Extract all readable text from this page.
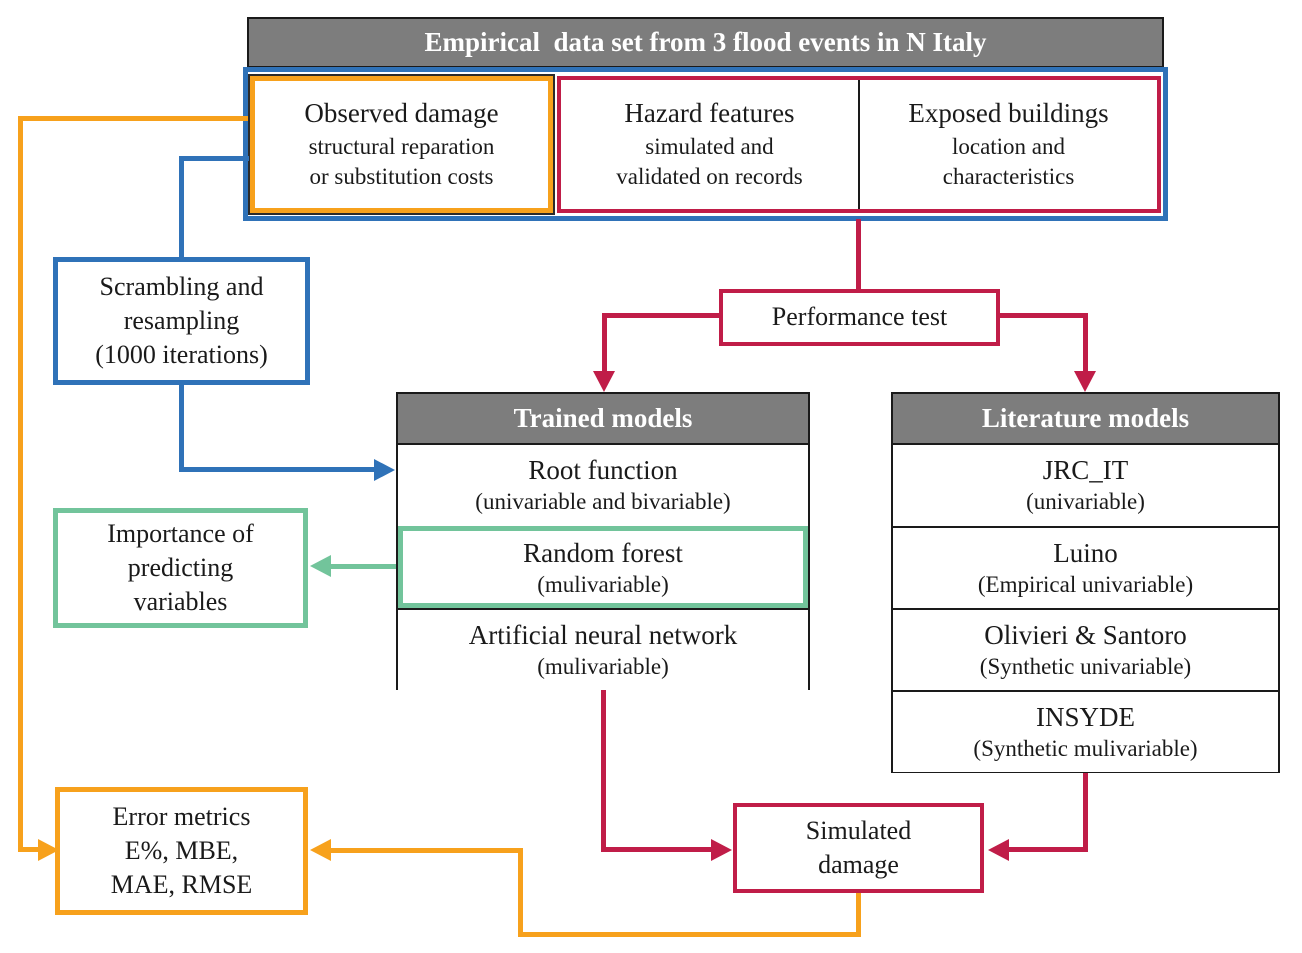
Empirical  data set from 3 flood events in N Italy
Observed damage
structural reparation
or substitution costs
Hazard features
simulated and
validated on records
Exposed buildings
location and
characteristics
Scrambling and
resampling
(1000 iterations)
Performance test
Trained models
Root function
(univariable and bivariable)
Random forest
(mulivariable)
Artificial neural network
(mulivariable)
Literature models
JRC_IT
(univariable)
Luino
(Empirical univariable)
Olivieri & Santoro
(Synthetic univariable)
INSYDE
(Synthetic mulivariable)
Importance of
predicting
variables
Error metrics
E%, MBE,
MAE, RMSE
Simulated
damage
